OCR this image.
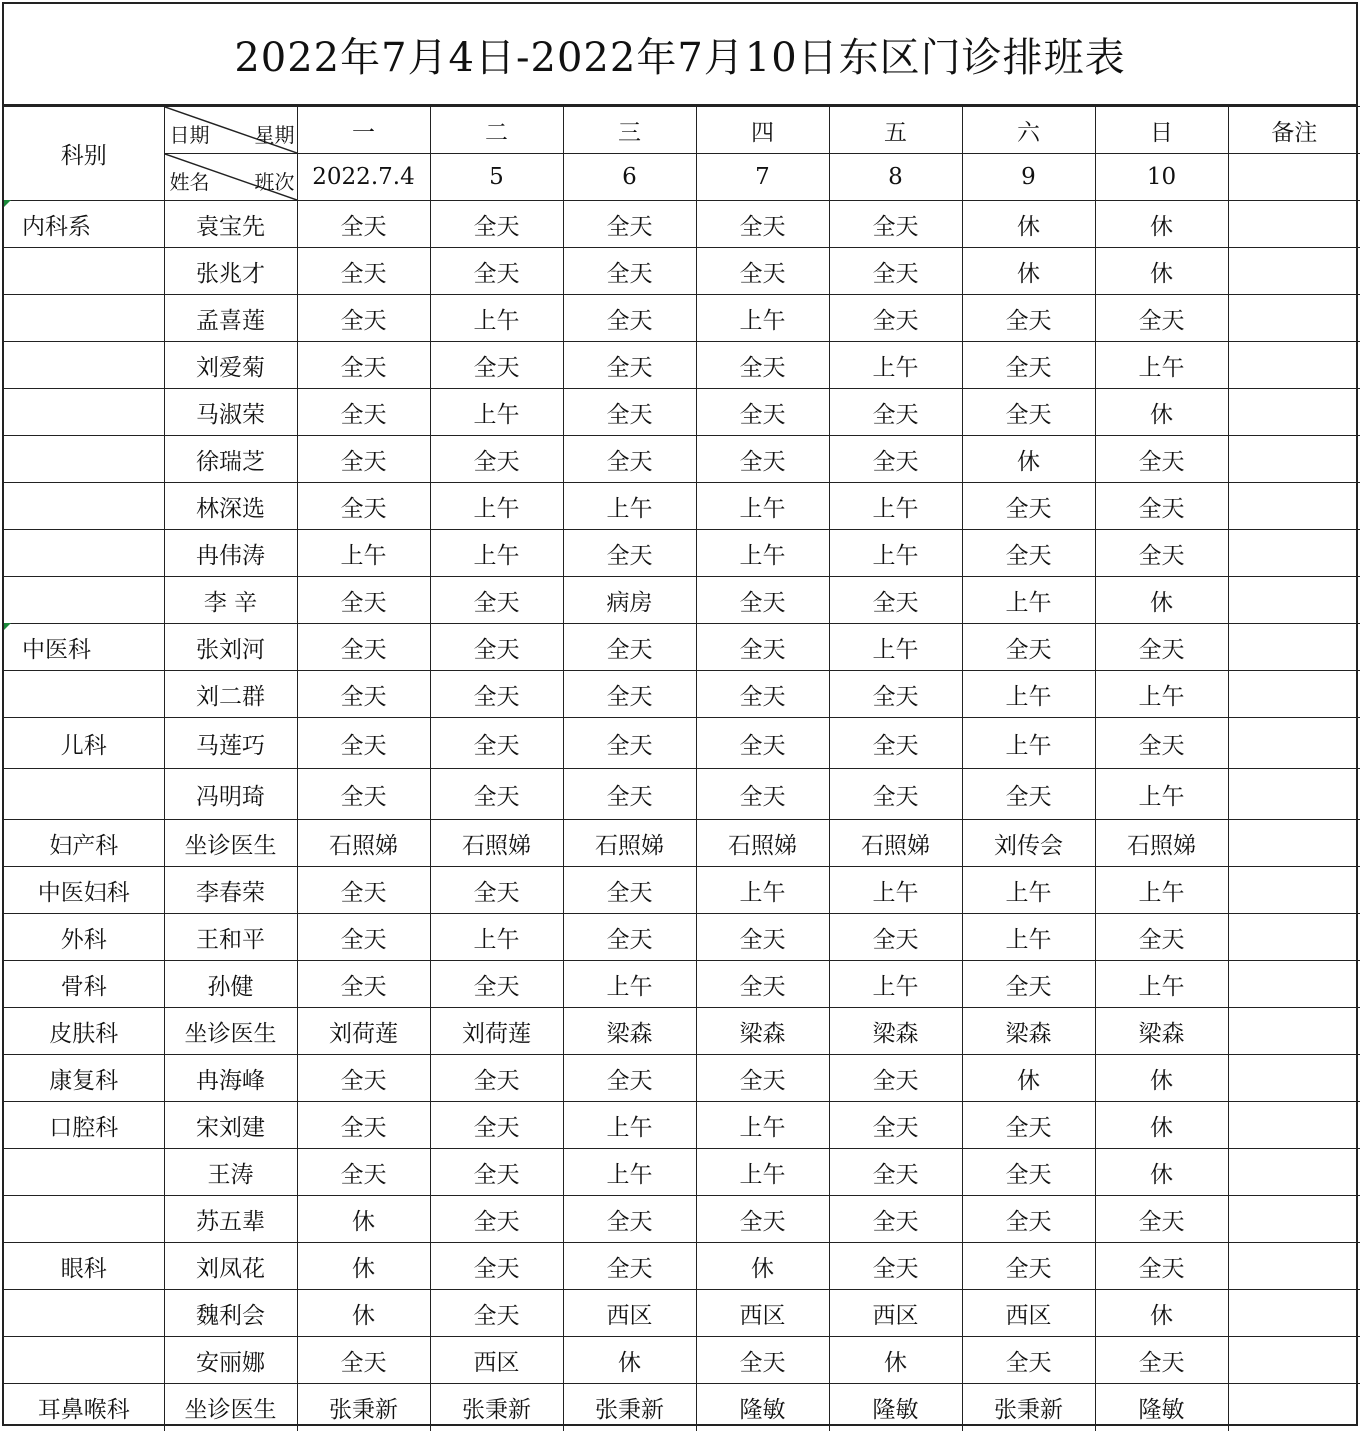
2022年7月4日-2022年7月10日东区门诊排班表
科别	日期 星期	一	二	三	四	五	六	日	备注

	姓名 班次	2022.7.4	5	6	7	8	9	10	
内科系	袁宝先	全天	全天	全天	全天	全天	休	休	
	张兆才	全天	全天	全天	全天	全天	休	休	
	孟喜莲	全天	上午	全天	上午	全天	全天	全天	
	刘爱菊	全天	全天	全天	全天	上午	全天	上午	
	马淑荣	全天	上午	全天	全天	全天	全天	休	
	徐瑞芝	全天	全天	全天	全天	全天	休	全天	
	林深选	全天	上午	上午	上午	上午	全天	全天	
	冉伟涛	上午	上午	全天	上午	上午	全天	全天	
	李 辛	全天	全天	病房	全天	全天	上午	休	
中医科	张刘河	全天	全天	全天	全天	上午	全天	全天	
	刘二群	全天	全天	全天	全天	全天	上午	上午	
儿科	马莲巧	全天	全天	全天	全天	全天	上午	全天	
	冯明琦	全天	全天	全天	全天	全天	全天	上午	
妇产科	坐诊医生	石照娣	石照娣	石照娣	石照娣	石照娣	刘传会	石照娣	
中医妇科	李春荣	全天	全天	全天	上午	上午	上午	上午	
外科	王和平	全天	上午	全天	全天	全天	上午	全天	
骨科	孙健	全天	全天	上午	全天	上午	全天	上午	
皮肤科	坐诊医生	刘荷莲	刘荷莲	梁森	梁森	梁森	梁森	梁森	
康复科	冉海峰	全天	全天	全天	全天	全天	休	休	
口腔科	宋刘建	全天	全天	上午	上午	全天	全天	休	
	王涛	全天	全天	上午	上午	全天	全天	休	
	苏五辈	休	全天	全天	全天	全天	全天	全天	
眼科	刘凤花	休	全天	全天	休	全天	全天	全天	
	魏利会	休	全天	西区	西区	西区	西区	休	
	安丽娜	全天	西区	休	全天	休	全天	全天	
耳鼻喉科	坐诊医生	张秉新	张秉新	张秉新	隆敏	隆敏	张秉新	隆敏	
